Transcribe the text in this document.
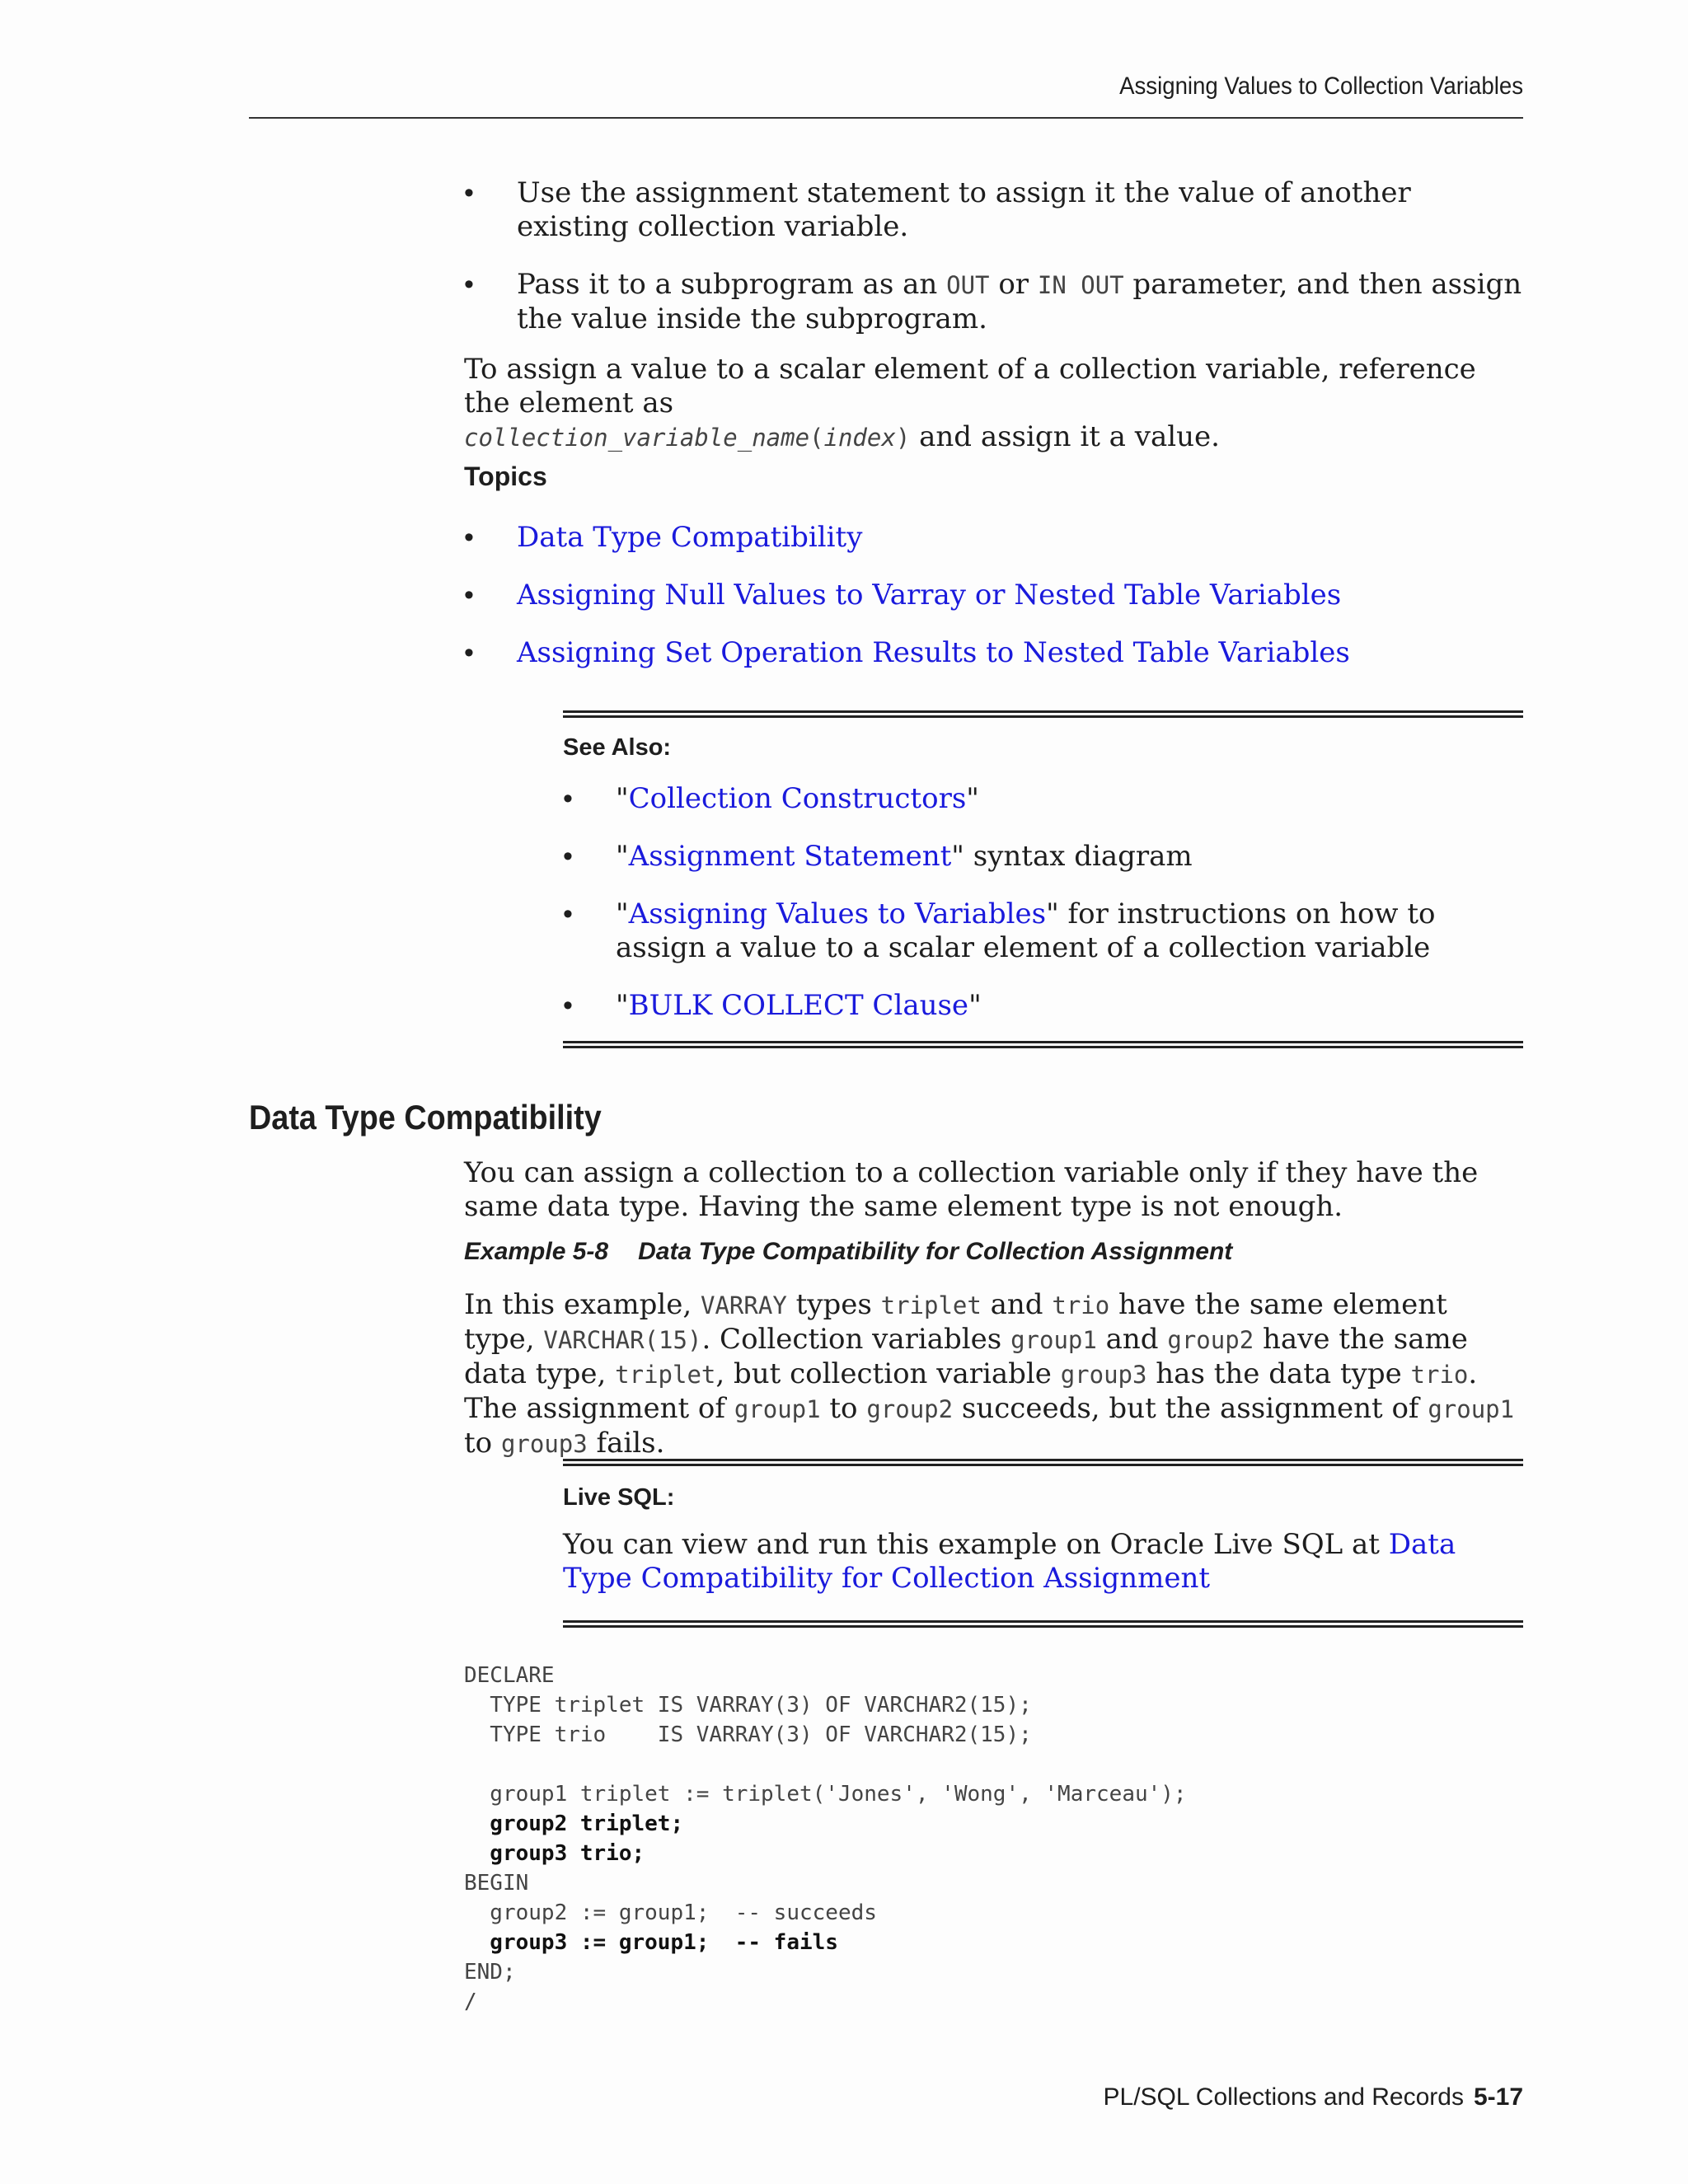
Assigning Values to Collection Variables
• Use the assignment statement to assign it the value of another existing collection variable.
• Pass it to a subprogram as an OUT or IN OUT parameter, and then assign the value inside the subprogram.

To assign a value to a scalar element of a collection variable, reference the element as
collection_variable_name(index) and assign it a value.

Topics
• Data Type Compatibility
• Assigning Null Values to Varray or Nested Table Variables
• Assigning Set Operation Results to Nested Table Variables
See Also:
• "Collection Constructors"
• "Assignment Statement" syntax diagram
• "Assigning Values to Variables" for instructions on how to assign a value to a scalar element of a collection variable
• "BULK COLLECT Clause"
Data Type Compatibility

You can assign a collection to a collection variable only if they have the same data type. Having the same element type is not enough.

Example 5-8 Data Type Compatibility for Collection Assignment

In this example, VARRAY types triplet and trio have the same element type, VARCHAR(15). Collection variables group1 and group2 have the same data type, triplet, but collection variable group3 has the data type trio. The assignment of group1 to group2 succeeds, but the assignment of group1 to group3 fails.

Live SQL:

You can view and run this example on Oracle Live SQL at Data Type Compatibility for Collection Assignment

DECLARE
TYPE triplet IS VARRAY(3) OF VARCHAR2(15);
TYPE trio    IS VARRAY(3) OF VARCHAR2(15);

group1 triplet := triplet('Jones', 'Wong', 'Marceau');
group2 triplet;
group3 trio;
BEGIN
group2 := group1;  -- succeeds
group3 := group1;  -- fails
END;
/
PL/SQL Collections and Records 5-17
